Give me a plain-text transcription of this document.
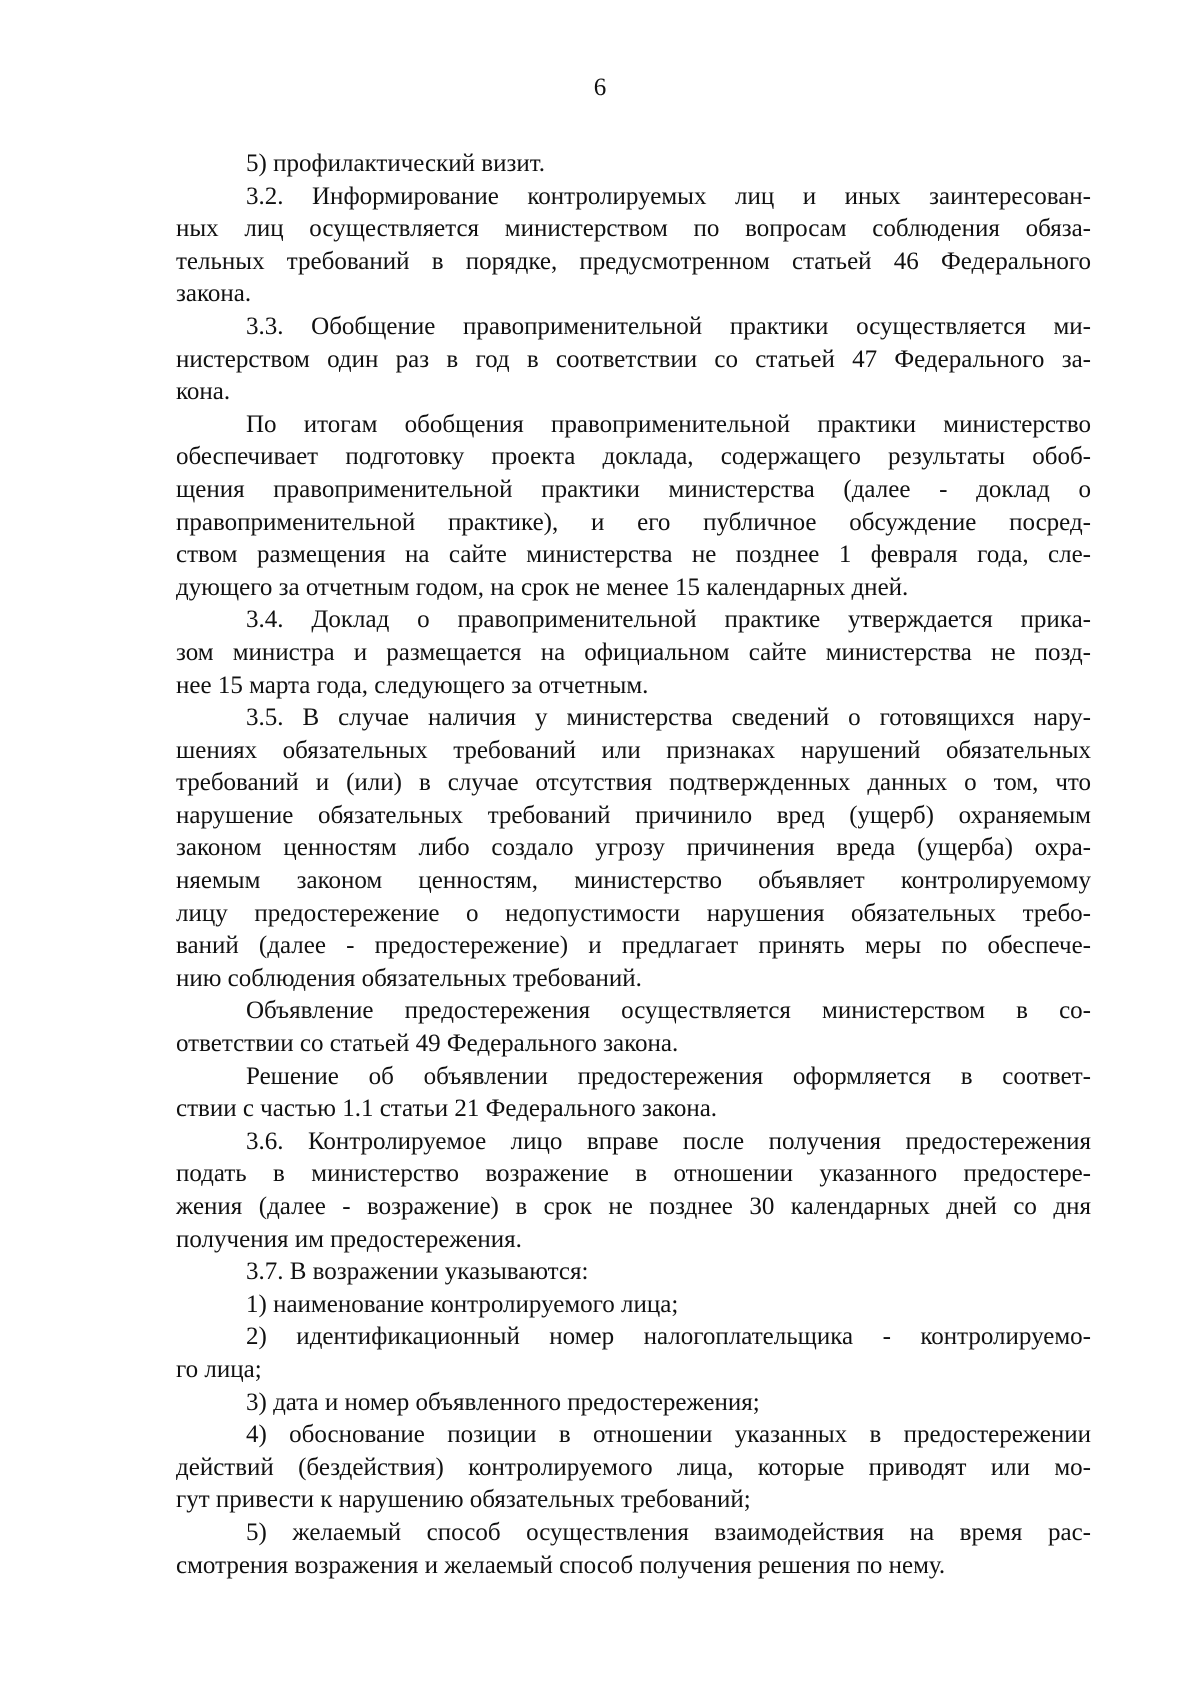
6

5) профилактический визит.

3.2. Информирование контролируемых лиц и иных заинтересован-
ных лиц осуществляется министерством по вопросам соблюдения обяза-
тельных требований в порядке, предусмотренном статьей 46 Федерального
закона.

3.3. Обобщение правоприменительной практики осуществляется ми-
нистерством один раз в год в соответствии со статьей 47 Федерального за-
кона.

По итогам обобщения правоприменительной практики министерство
обеспечивает подготовку проекта доклада, содержащего результаты обоб-
щения правоприменительной практики министерства (далее - доклад о
правоприменительной практике), и его публичное обсуждение посред-
ством размещения на сайте министерства не позднее 1 февраля года, сле-
дующего за отчетным годом, на срок не менее 15 календарных дней.

3.4. Доклад о правоприменительной практике утверждается прика-
зом министра и размещается на официальном сайте министерства не позд-
нее 15 марта года, следующего за отчетным.

3.5. В случае наличия у министерства сведений о готовящихся нару-
шениях обязательных требований или признаках нарушений обязательных
требований и (или) в случае отсутствия подтвержденных данных о том, что
нарушение обязательных требований причинило вред (ущерб) охраняемым
законом ценностям либо создало угрозу причинения вреда (ущерба) охра-
няемым законом ценностям, министерство объявляет контролируемому
лицу предостережение о недопустимости нарушения обязательных требо-
ваний (далее - предостережение) и предлагает принять меры по обеспече-
нию соблюдения обязательных требований.

Объявление предостережения осуществляется министерством в со-
ответствии со статьей 49 Федерального закона.

Решение об объявлении предостережения оформляется в соответ-
ствии с частью 1.1 статьи 21 Федерального закона.

3.6. Контролируемое лицо вправе после получения предостережения
подать в министерство возражение в отношении указанного предостере-
жения (далее - возражение) в срок не позднее 30 календарных дней со дня
получения им предостережения.

3.7. В возражении указываются:

1) наименование контролируемого лица;

2) идентификационный номер налогоплательщика - контролируемо-
го лица;

3) дата и номер объявленного предостережения;

4) обоснование позиции в отношении указанных в предостережении
действий (бездействия) контролируемого лица, которые приводят или мо-
гут привести к нарушению обязательных требований;

5) желаемый способ осуществления взаимодействия на время рас-
смотрения возражения и желаемый способ получения решения по нему.
